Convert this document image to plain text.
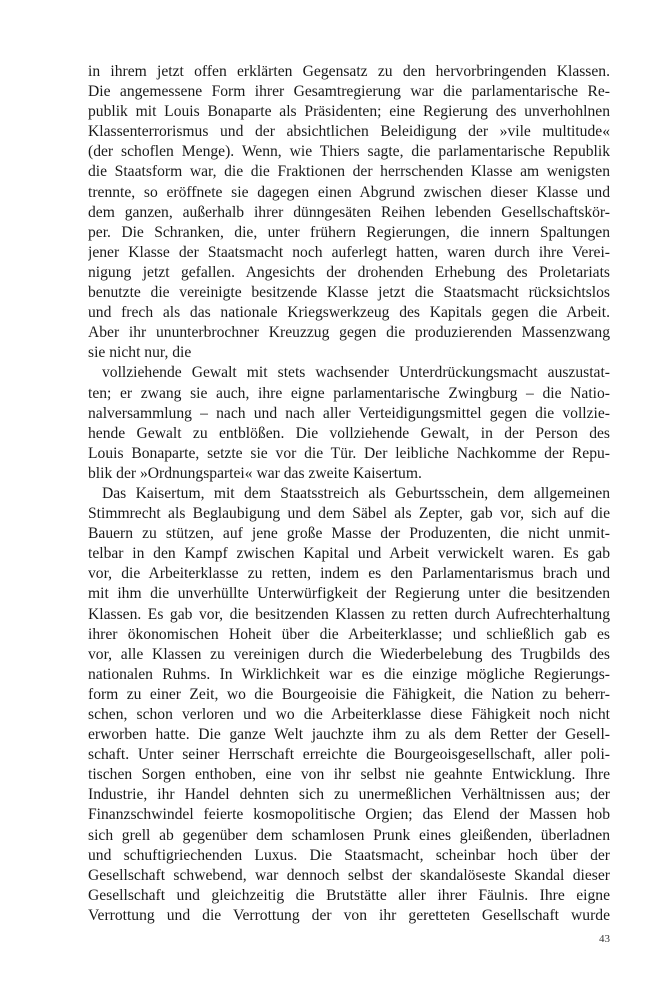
in ihrem jetzt offen erklärten Gegensatz zu den hervorbringenden Klassen.
Die angemessene Form ihrer Gesamtregierung war die parlamentarische Re-
publik mit Louis Bonaparte als Präsidenten; eine Regierung des unverhohlnen
Klassenterrorismus und der absichtlichen Beleidigung der »vile multitude«
(der schoflen Menge). Wenn, wie Thiers sagte, die parlamentarische Republik
die Staatsform war, die die Fraktionen der herrschenden Klasse am wenigsten
trennte, so eröffnete sie dagegen einen Abgrund zwischen dieser Klasse und
dem ganzen, außerhalb ihrer dünngesäten Reihen lebenden Gesellschaftskör-
per. Die Schranken, die, unter frühern Regierungen, die innern Spaltungen
jener Klasse der Staatsmacht noch auferlegt hatten, waren durch ihre Verei-
nigung jetzt gefallen. Angesichts der drohenden Erhebung des Proletariats
benutzte die vereinigte besitzende Klasse jetzt die Staatsmacht rücksichtslos
und frech als das nationale Kriegswerkzeug des Kapitals gegen die Arbeit.
Aber ihr ununterbrochner Kreuzzug gegen die produzierenden Massenzwang
sie nicht nur, die
vollziehende Gewalt mit stets wachsender Unterdrückungsmacht auszustat-
ten; er zwang sie auch, ihre eigne parlamentarische Zwingburg – die Natio-
nalversammlung – nach und nach aller Verteidigungsmittel gegen die vollzie-
hende Gewalt zu entblößen. Die vollziehende Gewalt, in der Person des
Louis Bonaparte, setzte sie vor die Tür. Der leibliche Nachkomme der Repu-
blik der »Ordnungspartei« war das zweite Kaisertum.
Das Kaisertum, mit dem Staatsstreich als Geburtsschein, dem allgemeinen
Stimmrecht als Beglaubigung und dem Säbel als Zepter, gab vor, sich auf die
Bauern zu stützen, auf jene große Masse der Produzenten, die nicht unmit-
telbar in den Kampf zwischen Kapital und Arbeit verwickelt waren. Es gab
vor, die Arbeiterklasse zu retten, indem es den Parlamentarismus brach und
mit ihm die unverhüllte Unterwürfigkeit der Regierung unter die besitzenden
Klassen. Es gab vor, die besitzenden Klassen zu retten durch Aufrechterhaltung
ihrer ökonomischen Hoheit über die Arbeiterklasse; und schließlich gab es
vor, alle Klassen zu vereinigen durch die Wiederbelebung des Trugbilds des
nationalen Ruhms. In Wirklichkeit war es die einzige mögliche Regierungs-
form zu einer Zeit, wo die Bourgeoisie die Fähigkeit, die Nation zu beherr-
schen, schon verloren und wo die Arbeiterklasse diese Fähigkeit noch nicht
erworben hatte. Die ganze Welt jauchzte ihm zu als dem Retter der Gesell-
schaft. Unter seiner Herrschaft erreichte die Bourgeoisgesellschaft, aller poli-
tischen Sorgen enthoben, eine von ihr selbst nie geahnte Entwicklung. Ihre
Industrie, ihr Handel dehnten sich zu unermeßlichen Verhältnissen aus; der
Finanzschwindel feierte kosmopolitische Orgien; das Elend der Massen hob
sich grell ab gegenüber dem schamlosen Prunk eines gleißenden, überladnen
und schuftigriechenden Luxus. Die Staatsmacht, scheinbar hoch über der
Gesellschaft schwebend, war dennoch selbst der skandalöseste Skandal dieser
Gesellschaft und gleichzeitig die Brutstätte aller ihrer Fäulnis. Ihre eigne
Verrottung und die Verrottung der von ihr geretteten Gesellschaft wurde
43
